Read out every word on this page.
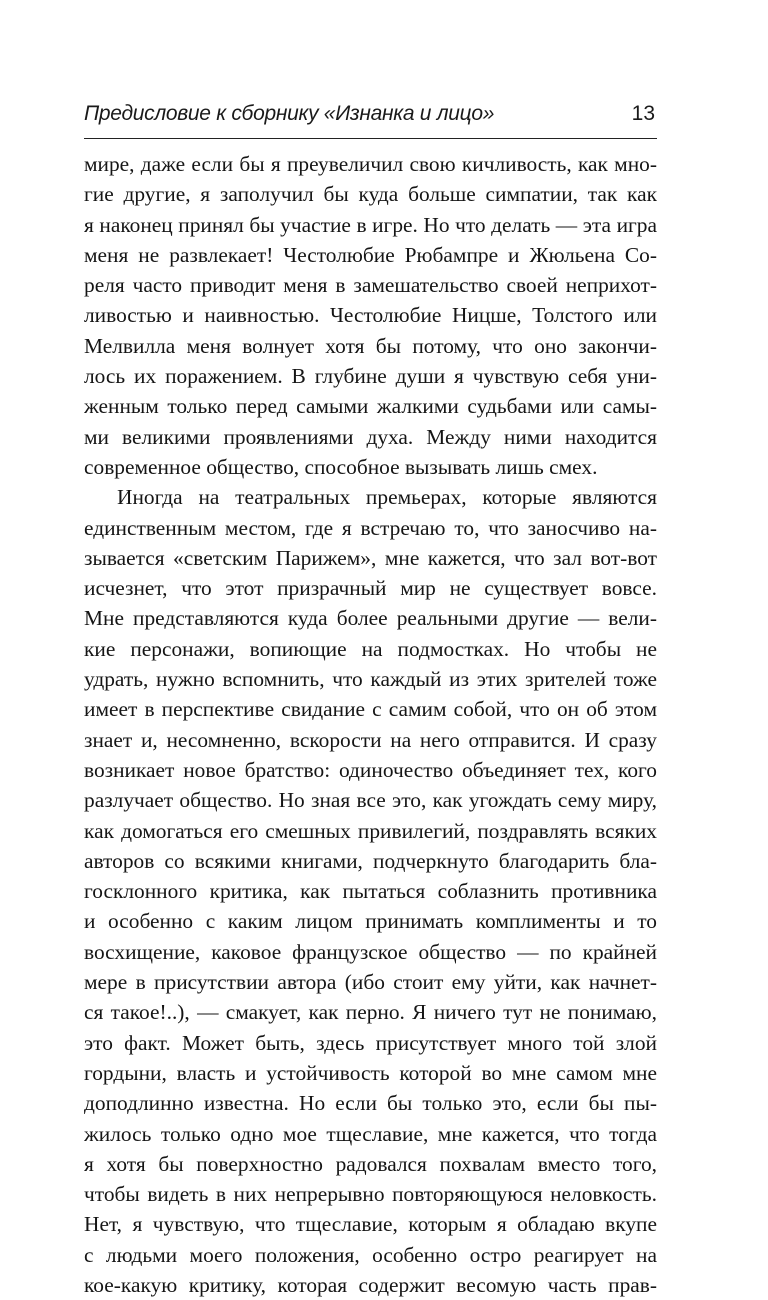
Предисловие к сборнику «Изнанка и лицо»	13
мире, даже если бы я преувеличил свою кичливость, как мно-
гие другие, я заполучил бы куда больше симпатии, так как
я наконец принял бы участие в игре. Но что делать — эта игра
меня не развлекает! Честолюбие Рюбампре и Жюльена Со-
реля часто приводит меня в замешательство своей неприхот-
ливостью и наивностью. Честолюбие Ницше, Толстого или
Мелвилла меня волнует хотя бы потому, что оно закончи-
лось их поражением. В глубине души я чувствую себя уни-
женным только перед самыми жалкими судьбами или самы-
ми великими проявлениями духа. Между ними находится
современное общество, способное вызывать лишь смех.
Иногда на театральных премьерах, которые являются
единственным местом, где я встречаю то, что заносчиво на-
зывается «светским Парижем», мне кажется, что зал вот-вот
исчезнет, что этот призрачный мир не существует вовсе.
Мне представляются куда более реальными другие — вели-
кие персонажи, вопиющие на подмостках. Но чтобы не
удрать, нужно вспомнить, что каждый из этих зрителей тоже
имеет в перспективе свидание с самим собой, что он об этом
знает и, несомненно, вскорости на него отправится. И сразу
возникает новое братство: одиночество объединяет тех, кого
разлучает общество. Но зная все это, как угождать сему миру,
как домогаться его смешных привилегий, поздравлять всяких
авторов со всякими книгами, подчеркнуто благодарить бла-
госклонного критика, как пытаться соблазнить противника
и особенно с каким лицом принимать комплименты и то
восхищение, каковое французское общество — по крайней
мере в присутствии автора (ибо стоит ему уйти, как начнет-
ся такое!..), — смакует, как перно. Я ничего тут не понимаю,
это факт. Может быть, здесь присутствует много той злой
гордыни, власть и устойчивость которой во мне самом мне
доподлинно известна. Но если бы только это, если бы пы-
жилось только одно мое тщеславие, мне кажется, что тогда
я хотя бы поверхностно радовался похвалам вместо того,
чтобы видеть в них непрерывно повторяющуюся неловкость.
Нет, я чувствую, что тщеславие, которым я обладаю вкупе
с людьми моего положения, особенно остро реагирует на
кое-какую критику, которая содержит весомую часть прав-
